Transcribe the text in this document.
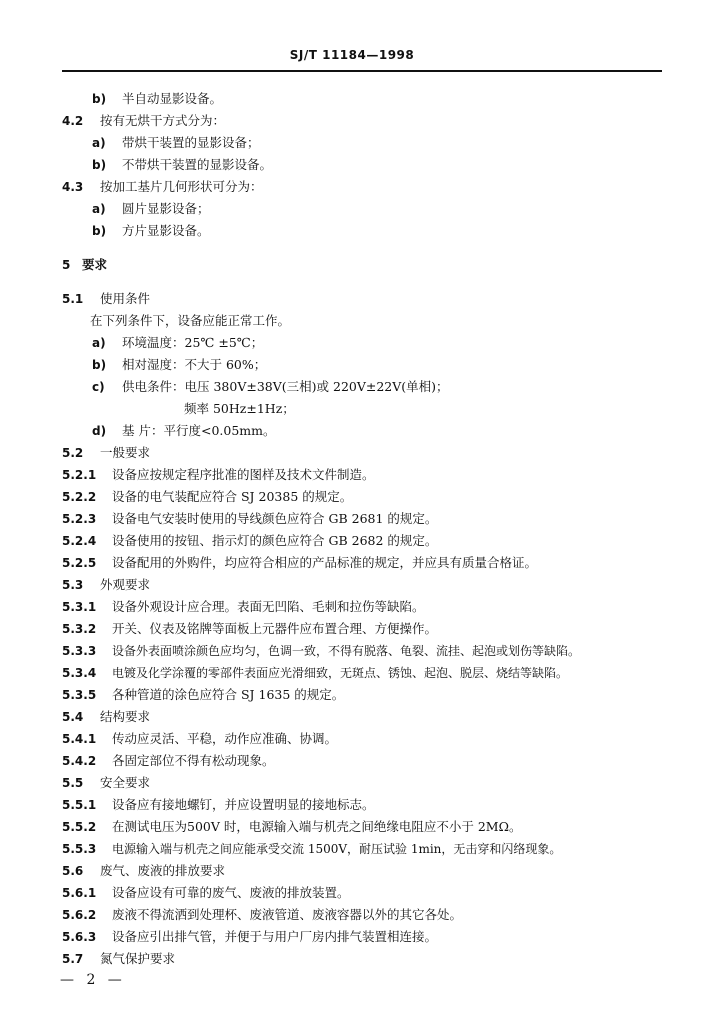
SJ/T 11184—1998
b) 半自动显影设备。
4.2 按有无烘干方式分为：
a) 带烘干装置的显影设备；
b) 不带烘干装置的显影设备。
4.3 按加工基片几何形状可分为：
a) 圆片显影设备；
b) 方片显影设备。
5 要求
5.1 使用条件
在下列条件下，设备应能正常工作。
a) 环境温度：25℃ ±5℃；
b) 相对湿度：不大于 60%；
c) 供电条件：电压 380V±38V(三相)或 220V±22V(单相)；
频率 50Hz±1Hz；
d) 基 片：平行度<0.05mm。
5.2 一般要求
5.2.1 设备应按规定程序批准的图样及技术文件制造。
5.2.2 设备的电气装配应符合 SJ 20385 的规定。
5.2.3 设备电气安装时使用的导线颜色应符合 GB 2681 的规定。
5.2.4 设备使用的按钮、指示灯的颜色应符合 GB 2682 的规定。
5.2.5 设备配用的外购件，均应符合相应的产品标准的规定，并应具有质量合格证。
5.3 外观要求
5.3.1 设备外观设计应合理。表面无凹陷、毛刺和拉伤等缺陷。
5.3.2 开关、仪表及铭牌等面板上元器件应布置合理、方便操作。
5.3.3 设备外表面喷涂颜色应均匀，色调一致，不得有脱落、龟裂、流挂、起泡或划伤等缺陷。
5.3.4 电镀及化学涂覆的零部件表面应光滑细致，无斑点、锈蚀、起泡、脱层、烧结等缺陷。
5.3.5 各种管道的涂色应符合 SJ 1635 的规定。
5.4 结构要求
5.4.1 传动应灵活、平稳，动作应准确、协调。
5.4.2 各固定部位不得有松动现象。
5.5 安全要求
5.5.1 设备应有接地螺钉，并应设置明显的接地标志。
5.5.2 在测试电压为500V 时，电源输入端与机壳之间绝缘电阻应不小于 2MΩ。
5.5.3 电源输入端与机壳之间应能承受交流 1500V，耐压试验 1min，无击穿和闪络现象。
5.6 废气、废液的排放要求
5.6.1 设备应设有可靠的废气、废液的排放装置。
5.6.2 废液不得流洒到处理杯、废液管道、废液容器以外的其它各处。
5.6.3 设备应引出排气管，并便于与用户厂房内排气装置相连接。
5.7 氮气保护要求
— 2 —
